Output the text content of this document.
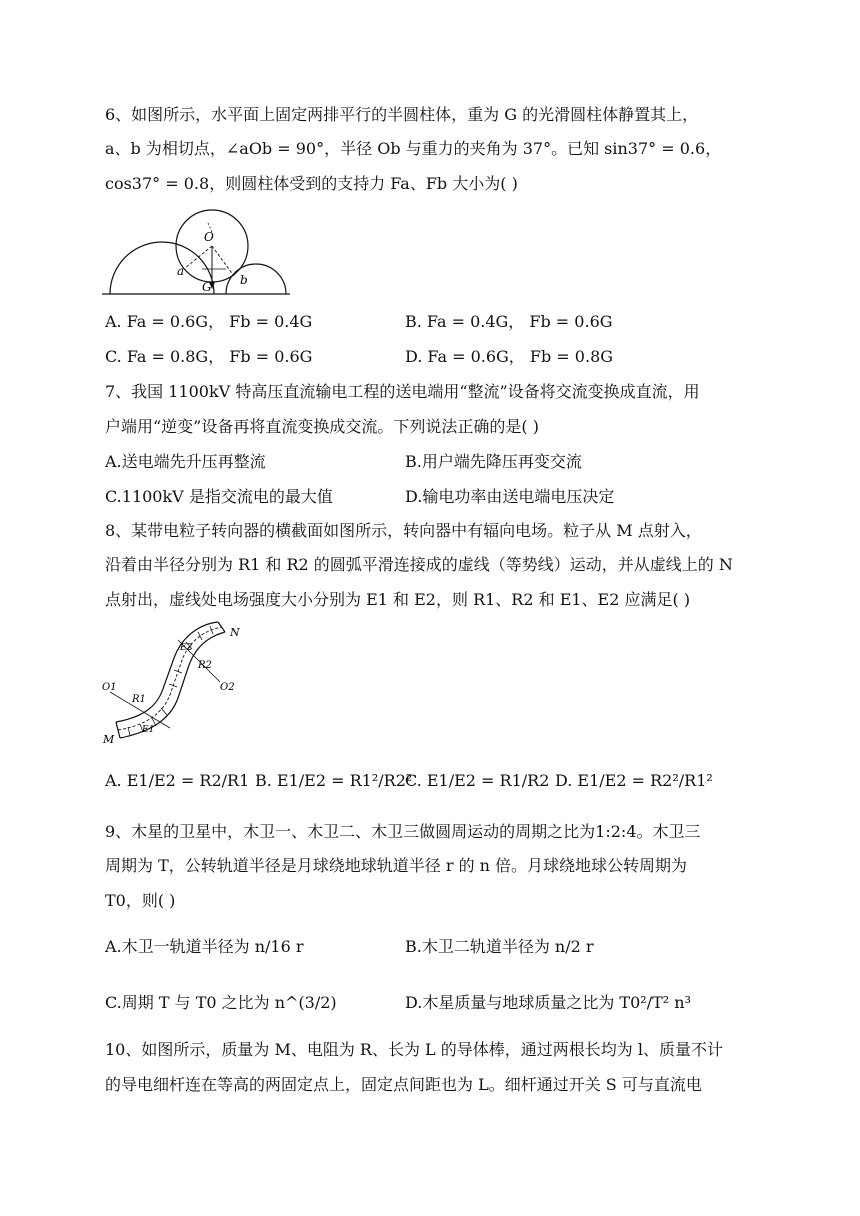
6、如图所示，水平面上固定两排平行的半圆柱体，重为 G 的光滑圆柱体静置其上，
a、b 为相切点，∠aOb = 90°，半径 Ob 与重力的夹角为 37°。已知 sin37° = 0.6，
cos37° = 0.8，则圆柱体受到的支持力 Fa、Fb 大小为( )
O
a
b
G
A. Fa = 0.6G， Fb = 0.4G	B. Fa = 0.4G， Fb = 0.6G
C. Fa = 0.8G， Fb = 0.6G	D. Fa = 0.6G， Fb = 0.8G
7、我国 1100kV 特高压直流输电工程的送电端用“整流”设备将交流变换成直流，用
户端用“逆变”设备再将直流变换成交流。下列说法正确的是( )
A.送电端先升压再整流	B.用户端先降压再变交流
C.1100kV 是指交流电的最大值	D.输电功率由送电端电压决定
8、某带电粒子转向器的横截面如图所示，转向器中有辐向电场。粒子从 M 点射入，
沿着由半径分别为 R1 和 R2 的圆弧平滑连接成的虚线（等势线）运动，并从虚线上的 N
点射出，虚线处电场强度大小分别为 E1 和 E2，则 R1、R2 和 E1、E2 应满足( )
N
M
O1	O2
R1
R2
E1
E2
A. E1/E2 = R2/R1 B. E1/E2 = R1²/R2²
C. E1/E2 = R1/R2 D. E1/E2 = R2²/R1²
9、木星的卫星中，木卫一、木卫二、木卫三做圆周运动的周期之比为1:2:4。木卫三
周期为 T，公转轨道半径是月球绕地球轨道半径 r 的 n 倍。月球绕地球公转周期为
T0，则( )
A.木卫一轨道半径为 n/16 r	B.木卫二轨道半径为 n/2 r
C.周期 T 与 T0 之比为 n^(3/2)	D.木星质量与地球质量之比为 T0²/T² n³
10、如图所示，质量为 M、电阻为 R、长为 L 的导体棒，通过两根长均为 l、质量不计
的导电细杆连在等高的两固定点上，固定点间距也为 L。细杆通过开关 S 可与直流电
